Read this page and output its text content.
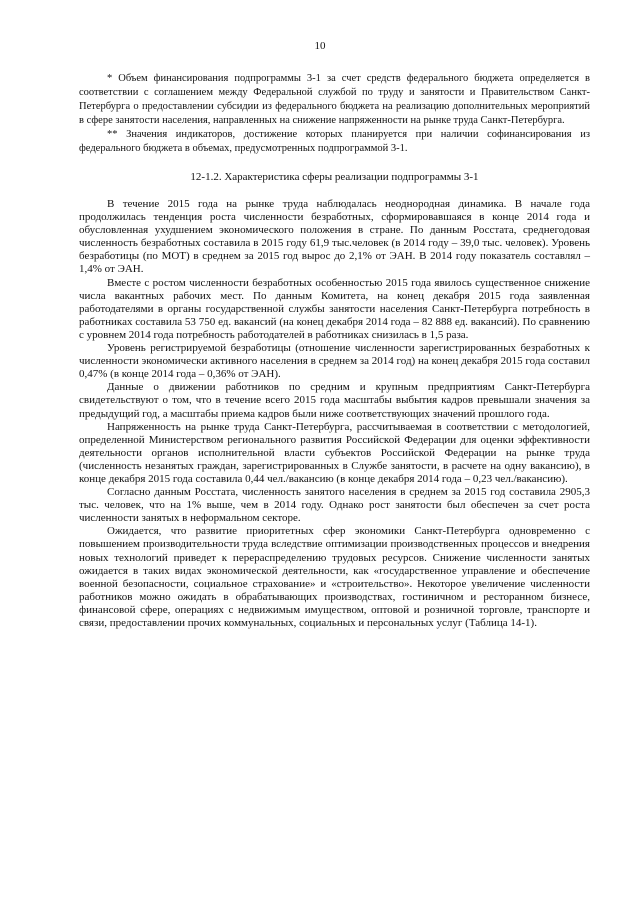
10

* Объем финансирования подпрограммы 3-1 за счет средств федерального бюджета определяется в соответствии с соглашением между Федеральной службой по труду и занятости и Правительством Санкт-Петербурга о предоставлении субсидии из федерального бюджета на реализацию дополнительных мероприятий в сфере занятости населения, направленных на снижение напряженности на рынке труда Санкт-Петербурга.

** Значения индикаторов, достижение которых планируется при наличии софинансирования из федерального бюджета в объемах, предусмотренных подпрограммой 3-1.

12-1.2. Характеристика сферы реализации подпрограммы 3-1

В течение 2015 года на рынке труда наблюдалась неоднородная динамика. В начале года продолжилась тенденция роста численности безработных, сформировавшаяся в конце 2014 года и обусловленная ухудшением экономического положения в стране. По данным Росстата, среднегодовая численность безработных составила в 2015 году 61,9 тыс.человек (в 2014 году – 39,0 тыс. человек). Уровень безработицы (по МОТ) в среднем за 2015 год вырос до 2,1% от ЭАН. В 2014 году показатель составлял – 1,4% от ЭАН.

Вместе с ростом численности безработных особенностью 2015 года явилось существенное снижение числа вакантных рабочих мест. По данным Комитета, на конец декабря 2015 года заявленная работодателями в органы государственной службы занятости населения Санкт-Петербурга потребность в работниках составила 53 750 ед. вакансий (на конец декабря 2014 года – 82 888 ед. вакансий). По сравнению с уровнем 2014 года потребность работодателей в работниках снизилась в 1,5 раза.

Уровень регистрируемой безработицы (отношение численности зарегистрированных безработных к численности экономически активного населения в среднем за 2014 год) на конец декабря 2015 года составил 0,47% (в конце 2014 года – 0,36% от ЭАН).

Данные о движении работников по средним и крупным предприятиям Санкт-Петербурга свидетельствуют о том, что в течение всего 2015 года масштабы выбытия кадров превышали значения за предыдущий год, а масштабы приема кадров были ниже соответствующих значений прошлого года.

Напряженность на рынке труда Санкт-Петербурга, рассчитываемая в соответствии с методологией, определенной Министерством регионального развития Российской Федерации для оценки эффективности деятельности органов исполнительной власти субъектов Российской Федерации на рынке труда (численность незанятых граждан, зарегистрированных в Службе занятости, в расчете на одну вакансию), в конце декабря 2015 года составила 0,44 чел./вакансию (в конце декабря 2014 года – 0,23 чел./вакансию).

Согласно данным Росстата, численность занятого населения в среднем за 2015 год составила 2905,3 тыс. человек, что на 1% выше, чем в 2014 году. Однако рост занятости был обеспечен за счет роста численности занятых в неформальном секторе.

Ожидается, что развитие приоритетных сфер экономики Санкт-Петербурга одновременно с повышением производительности труда вследствие оптимизации производственных процессов и внедрения новых технологий приведет к перераспределению трудовых ресурсов. Снижение численности занятых ожидается в таких видах экономической деятельности, как «государственное управление и обеспечение военной безопасности, социальное страхование» и «строительство». Некоторое увеличение численности работников можно ожидать в обрабатывающих производствах, гостиничном и ресторанном бизнесе, финансовой сфере, операциях с недвижимым имуществом, оптовой и розничной торговле, транспорте и связи, предоставлении прочих коммунальных, социальных и персональных услуг (Таблица 14-1).
